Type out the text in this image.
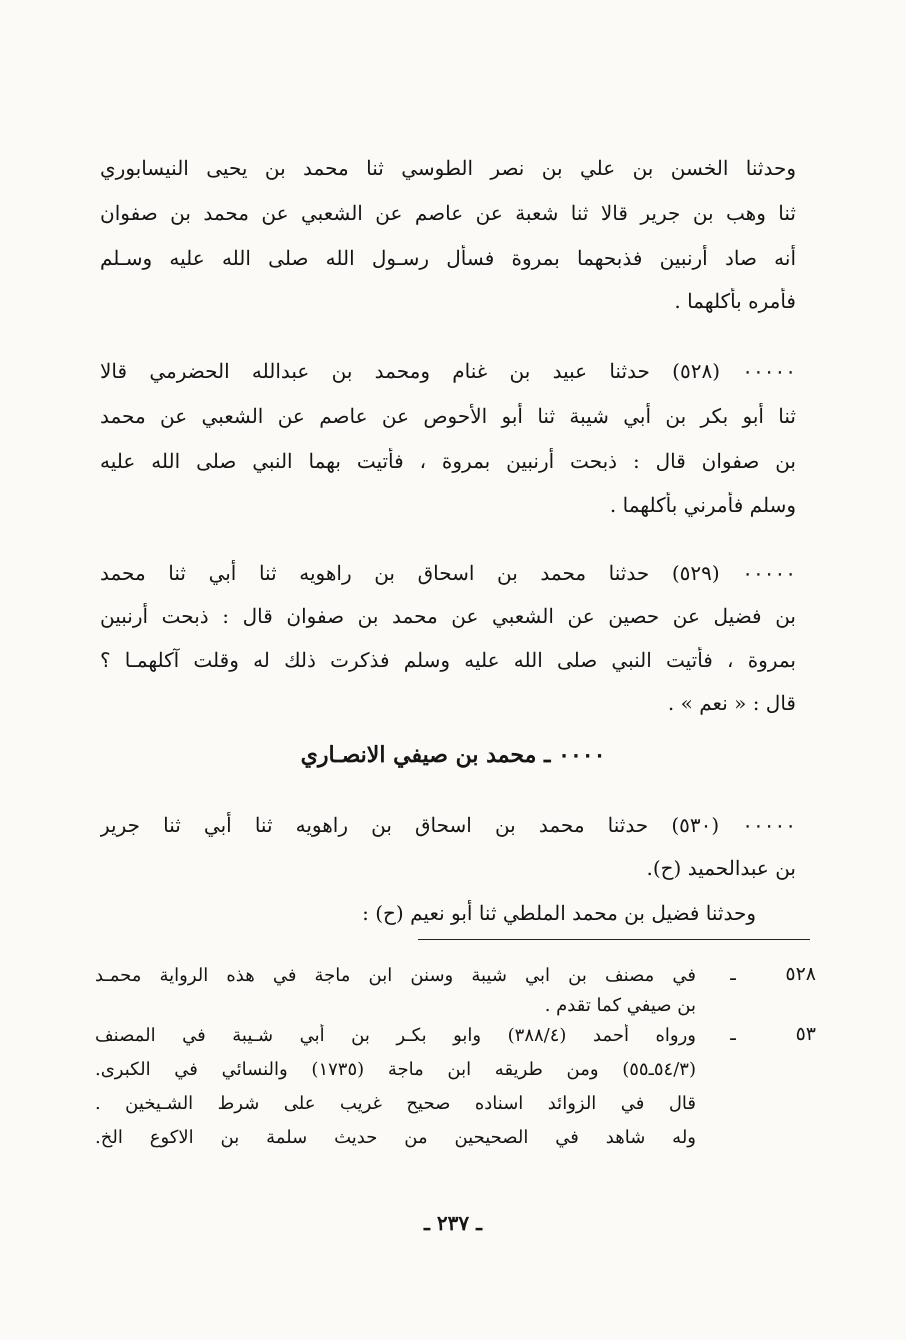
وحدثنا الخسن بن علي بن نصر الطوسي ثنا محمد بن يحيى النيسابوري
ثنا وهب بن جرير قالا ثنا شعبة عن عاصم عن الشعبي عن محمد بن صفوان
أنه صاد أرنبين فذبحهما بمروة فسأل رسـول الله صلى الله عليه وسـلم
فأمره بأكلهما .
٠٠٠٠٠ (٥٢٨) حدثنا عبيد بن غنام ومحمد بن عبدالله الحضرمي قالا
ثنا أبو بكر بن أبي شيبة ثنا أبو الأحوص عن عاصم عن الشعبي عن محمد
بن صفوان قال : ذبحت أرنبين بمروة ، فأتيت بهما النبي صلى الله عليه
وسلم فأمرني بأكلهما .
٠٠٠٠٠ (٥٢٩) حدثنا محمد بن اسحاق بن راهويه ثنا أبي ثنا محمد
بن فضيل عن حصين عن الشعبي عن محمد بن صفوان قال : ذبحت أرنبين
بمروة ، فأتيت النبي صلى الله عليه وسلم فذكرت ذلك له وقلت آكلهمـا ؟
قال : « نعم » .
٠٠٠٠ ـ محمد بن صيفي الانصـاري
٠٠٠٠٠ (٥٣٠) حدثنا محمد بن اسحاق بن راهويه ثنا أبي ثنا جرير
بن عبدالحميد (ح).
وحدثنا فضيل بن محمد الملطي ثنا أبو نعيم (ح) :
٥٢٨
ـ
في مصنف بن ابي شيبة وسنن ابن ماجة في هذه الرواية محمـد
بن صيفي كما تقدم .
٥٣
ـ
ورواه أحمد (٣٨٨/٤) وابو بكـر بن أبي شـيبة في المصنف
(٥٤/٣ـ٥٥) ومن طريقه ابن ماجة (١٧٣٥) والنسائي في الكبرى.
قال في الزوائد اسناده صحيح غريب على شرط الشـيخين .
وله شاهد في الصحيحين من حديث سلمة بن الاكوع الخ.
ـ ٢٣٧ ـ
